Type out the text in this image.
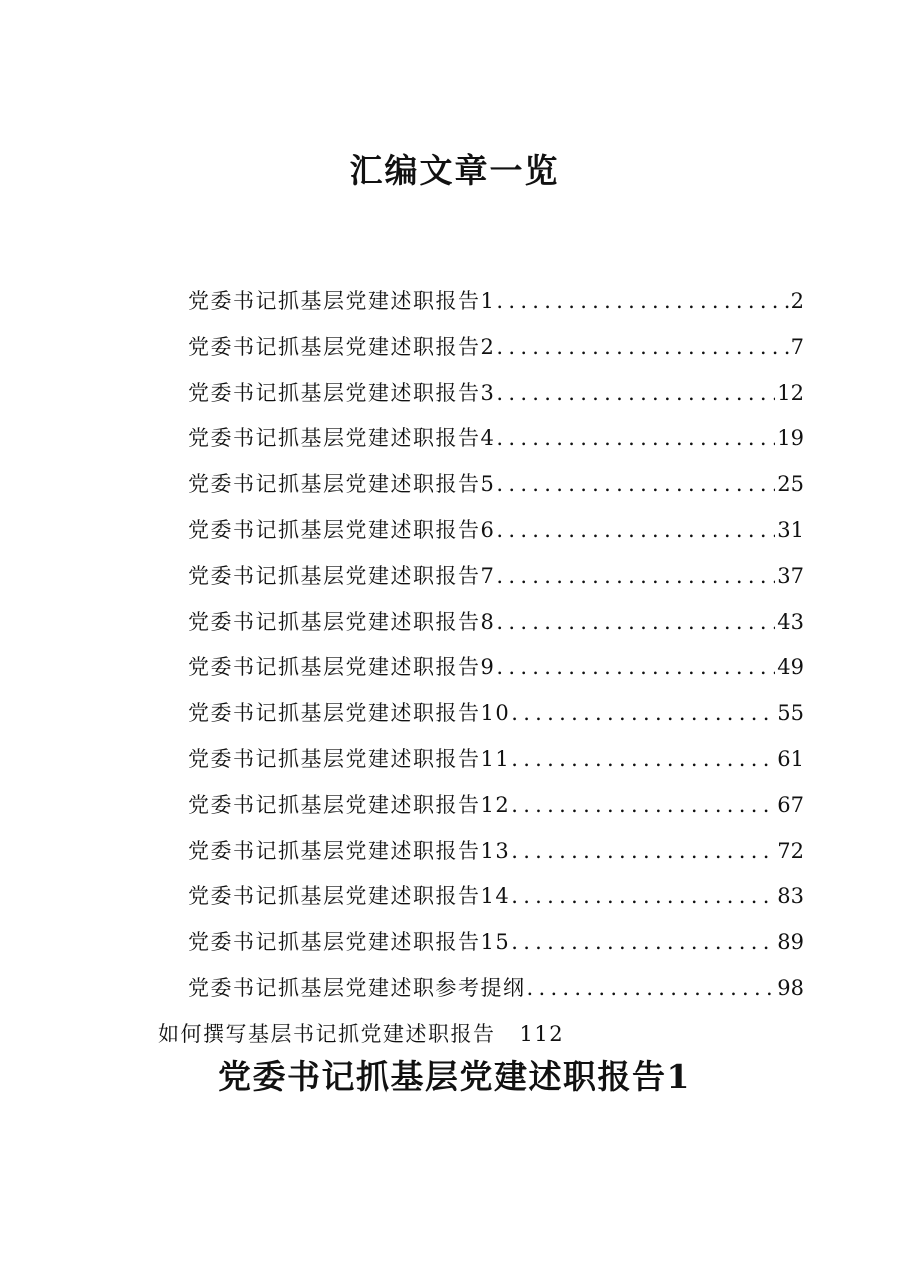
汇编文章一览
党委书记抓基层党建述职报告1 .....	2
党委书记抓基层党建述职报告2 .....	7
党委书记抓基层党建述职报告3 .....	12
党委书记抓基层党建述职报告4 .....	19
党委书记抓基层党建述职报告5 .....	25
党委书记抓基层党建述职报告6 .....	31
党委书记抓基层党建述职报告7 .....	37
党委书记抓基层党建述职报告8 .....	43
党委书记抓基层党建述职报告9 .....	49
党委书记抓基层党建述职报告10 .....	55
党委书记抓基层党建述职报告11 .....	61
党委书记抓基层党建述职报告12 .....	67
党委书记抓基层党建述职报告13 .....	72
党委书记抓基层党建述职报告14 .....	83
党委书记抓基层党建述职报告15 .....	89
党委书记抓基层党建述职参考提纲 .....	98
如何撰写基层书记抓党建述职报告 112
党委书记抓基层党建述职报告1
